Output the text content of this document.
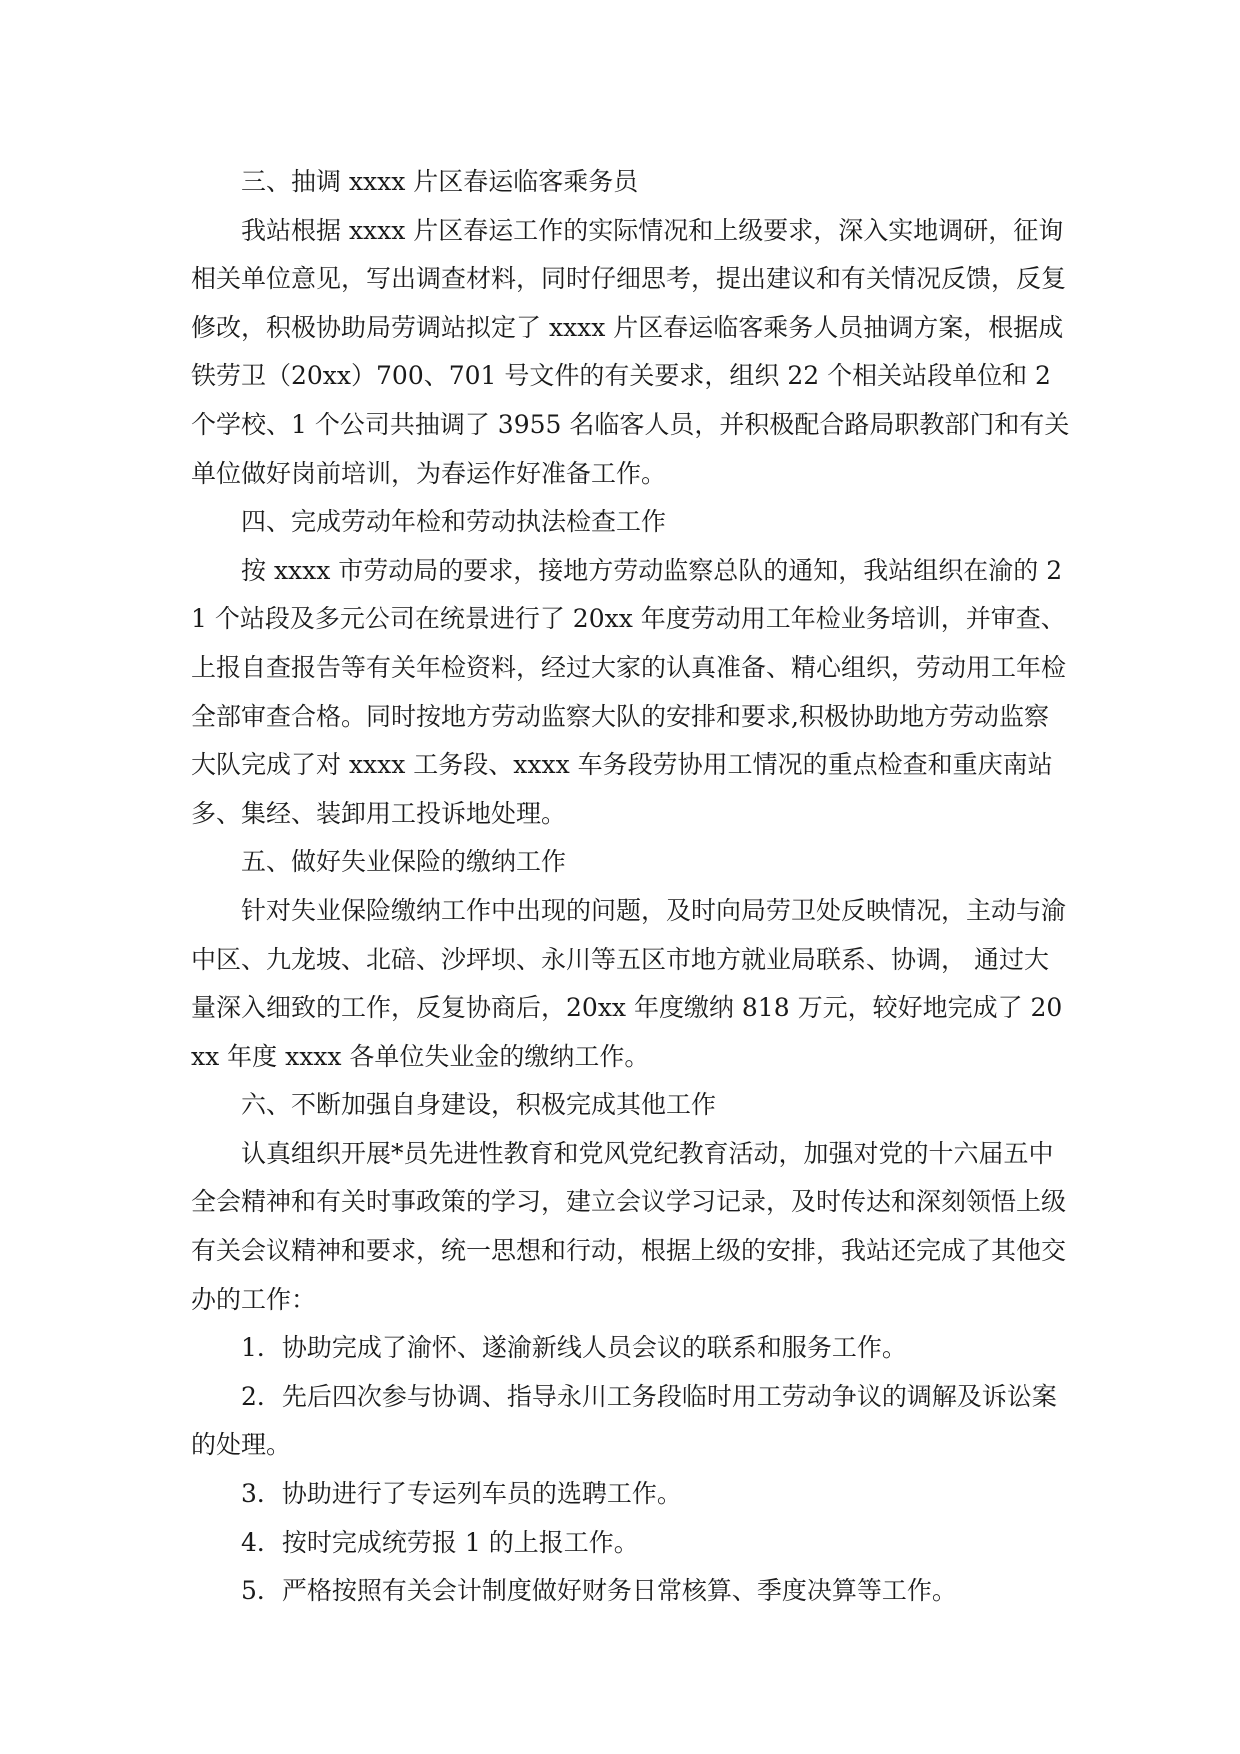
三、抽调 xxxx 片区春运临客乘务员

我站根据 xxxx 片区春运工作的实际情况和上级要求，深入实地调研，征询相关单位意见，写出调查材料，同时仔细思考，提出建议和有关情况反馈，反复修改，积极协助局劳调站拟定了 xxxx 片区春运临客乘务人员抽调方案，根据成铁劳卫（20xx）700、701 号文件的有关要求，组织 22 个相关站段单位和 2 个学校、1 个公司共抽调了 3955 名临客人员，并积极配合路局职教部门和有关单位做好岗前培训，为春运作好准备工作。

四、完成劳动年检和劳动执法检查工作

按 xxxx 市劳动局的要求，接地方劳动监察总队的通知，我站组织在渝的 21 个站段及多元公司在统景进行了 20xx 年度劳动用工年检业务培训，并审查、上报自查报告等有关年检资料，经过大家的认真准备、精心组织，劳动用工年检全部审查合格。同时按地方劳动监察大队的安排和要求,积极协助地方劳动监察大队完成了对 xxxx 工务段、xxxx 车务段劳协用工情况的重点检查和重庆南站多、集经、装卸用工投诉地处理。

五、做好失业保险的缴纳工作

针对失业保险缴纳工作中出现的问题，及时向局劳卫处反映情况，主动与渝中区、九龙坡、北碚、沙坪坝、永川等五区市地方就业局联系、协调， 通过大量深入细致的工作，反复协商后，20xx 年度缴纳 818 万元，较好地完成了 20xx 年度 xxxx 各单位失业金的缴纳工作。

六、不断加强自身建设，积极完成其他工作

认真组织开展*员先进性教育和党风党纪教育活动，加强对党的十六届五中全会精神和有关时事政策的学习，建立会议学习记录，及时传达和深刻领悟上级有关会议精神和要求，统一思想和行动，根据上级的安排，我站还完成了其他交办的工作：

1．协助完成了渝怀、遂渝新线人员会议的联系和服务工作。

2．先后四次参与协调、指导永川工务段临时用工劳动争议的调解及诉讼案的处理。

3．协助进行了专运列车员的选聘工作。

4．按时完成统劳报 1 的上报工作。

5．严格按照有关会计制度做好财务日常核算、季度决算等工作。
